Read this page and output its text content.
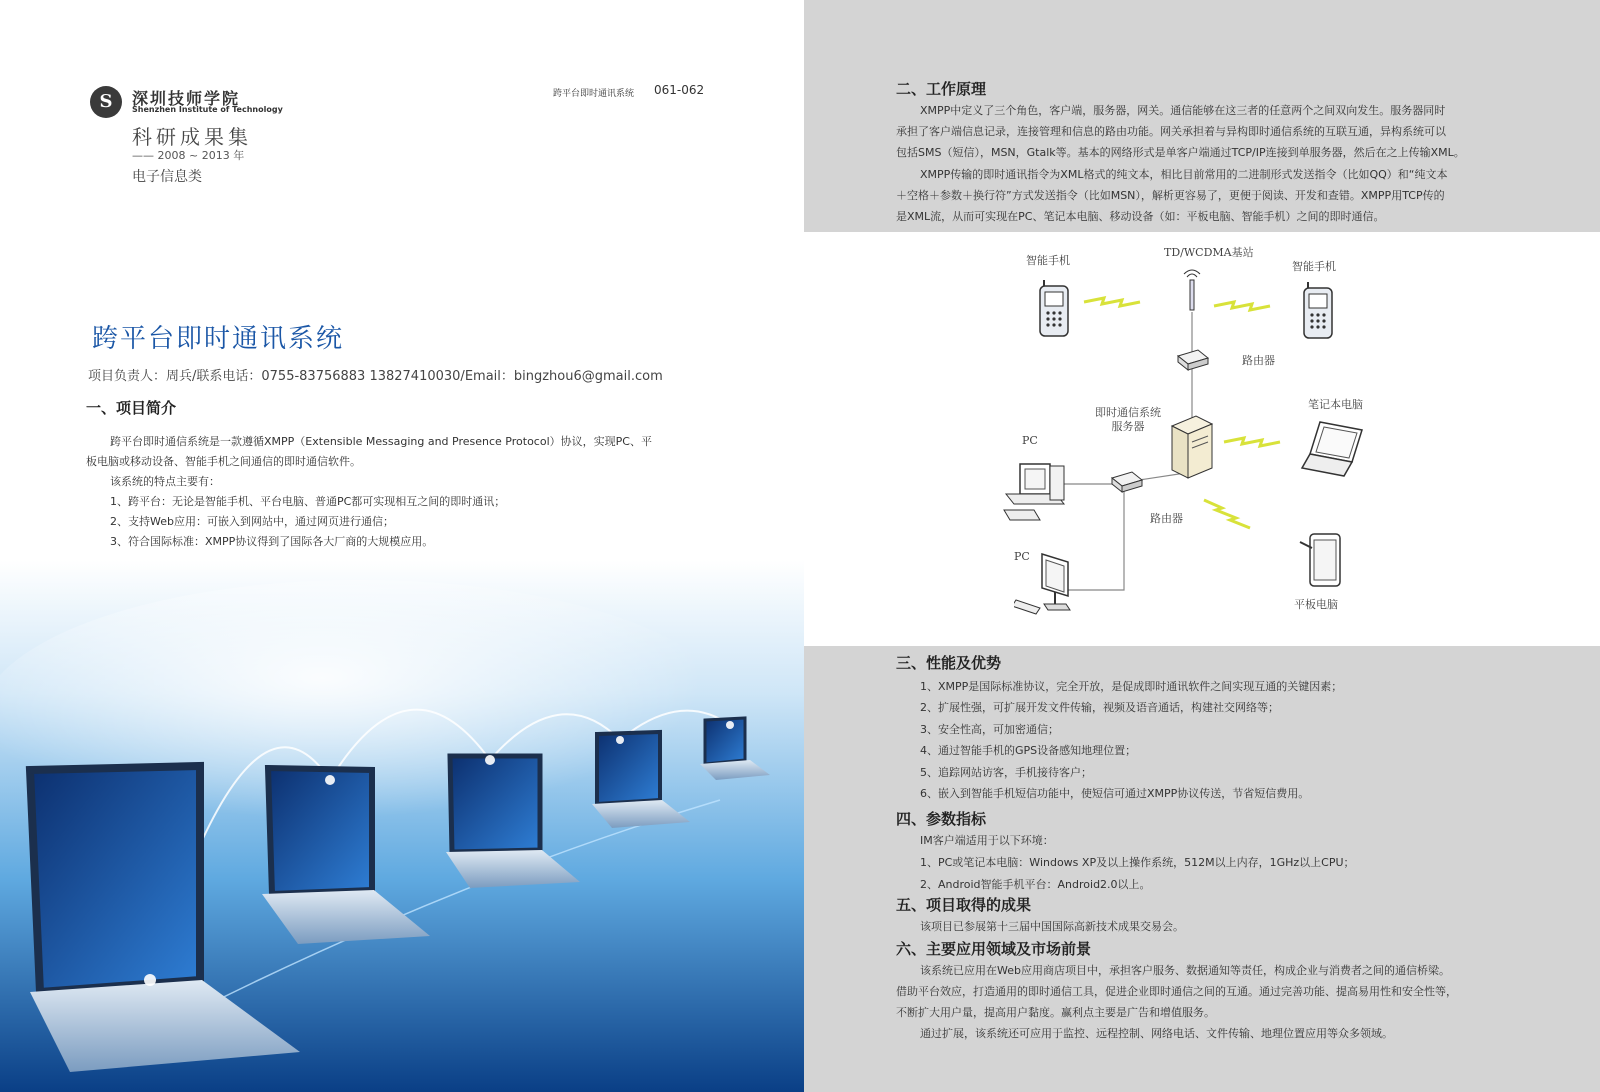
S
深圳技师学院
Shenzhen Institute of Technology
科研成果集
—— 2008 ~ 2013 年
电子信息类
跨平台即时通讯系统 061-062
跨平台即时通讯系统
项目负责人：周兵/联系电话：0755-83756883 13827410030/Email：bingzhou6@gmail.com
一、项目简介
跨平台即时通信系统是一款遵循XMPP（Extensible Messaging and Presence Protocol）协议，实现PC、平
板电脑或移动设备、智能手机之间通信的即时通信软件。
该系统的特点主要有：
1、跨平台：无论是智能手机、平台电脑、普通PC都可实现相互之间的即时通讯；
2、支持Web应用：可嵌入到网站中，通过网页进行通信；
3、符合国际标准：XMPP协议得到了国际各大厂商的大规模应用。
二、工作原理
XMPP中定义了三个角色，客户端，服务器，网关。通信能够在这三者的任意两个之间双向发生。服务器同时
承担了客户端信息记录，连接管理和信息的路由功能。网关承担着与异构即时通信系统的互联互通，异构系统可以
包括SMS（短信），MSN，Gtalk等。基本的网络形式是单客户端通过TCP/IP连接到单服务器，然后在之上传输XML。
XMPP传输的即时通讯指令为XML格式的纯文本，相比目前常用的二进制形式发送指令（比如QQ）和“纯文本
＋空格＋参数＋换行符”方式发送指令（比如MSN），解析更容易了，更便于阅读、开发和查错。XMPP用TCP传的
是XML流，从而可实现在PC、笔记本电脑、移动设备（如：平板电脑、智能手机）之间的即时通信。
智能手机
TD/WCDMA基站
智能手机
路由器
即时通信系统
服务器
笔记本电脑
PC
路由器
PC
平板电脑
三、性能及优势
1、XMPP是国际标准协议，完全开放，是促成即时通讯软件之间实现互通的关键因素；
2、扩展性强，可扩展开发文件传输，视频及语音通话，构建社交网络等；
3、安全性高，可加密通信；
4、通过智能手机的GPS设备感知地理位置；
5、追踪网站访客，手机接待客户；
6、嵌入到智能手机短信功能中，使短信可通过XMPP协议传送，节省短信费用。
四、参数指标
IM客户端适用于以下环境：
1、PC或笔记本电脑：Windows XP及以上操作系统，512M以上内存，1GHz以上CPU；
2、Android智能手机平台：Android2.0以上。
五、项目取得的成果
该项目已参展第十三届中国国际高新技术成果交易会。
六、主要应用领域及市场前景
该系统已应用在Web应用商店项目中，承担客户服务、数据通知等责任，构成企业与消费者之间的通信桥梁。
借助平台效应，打造通用的即时通信工具，促进企业即时通信之间的互通。通过完善功能、提高易用性和安全性等，
不断扩大用户量，提高用户黏度。赢利点主要是广告和增值服务。
通过扩展，该系统还可应用于监控、远程控制、网络电话、文件传输、地理位置应用等众多领域。
